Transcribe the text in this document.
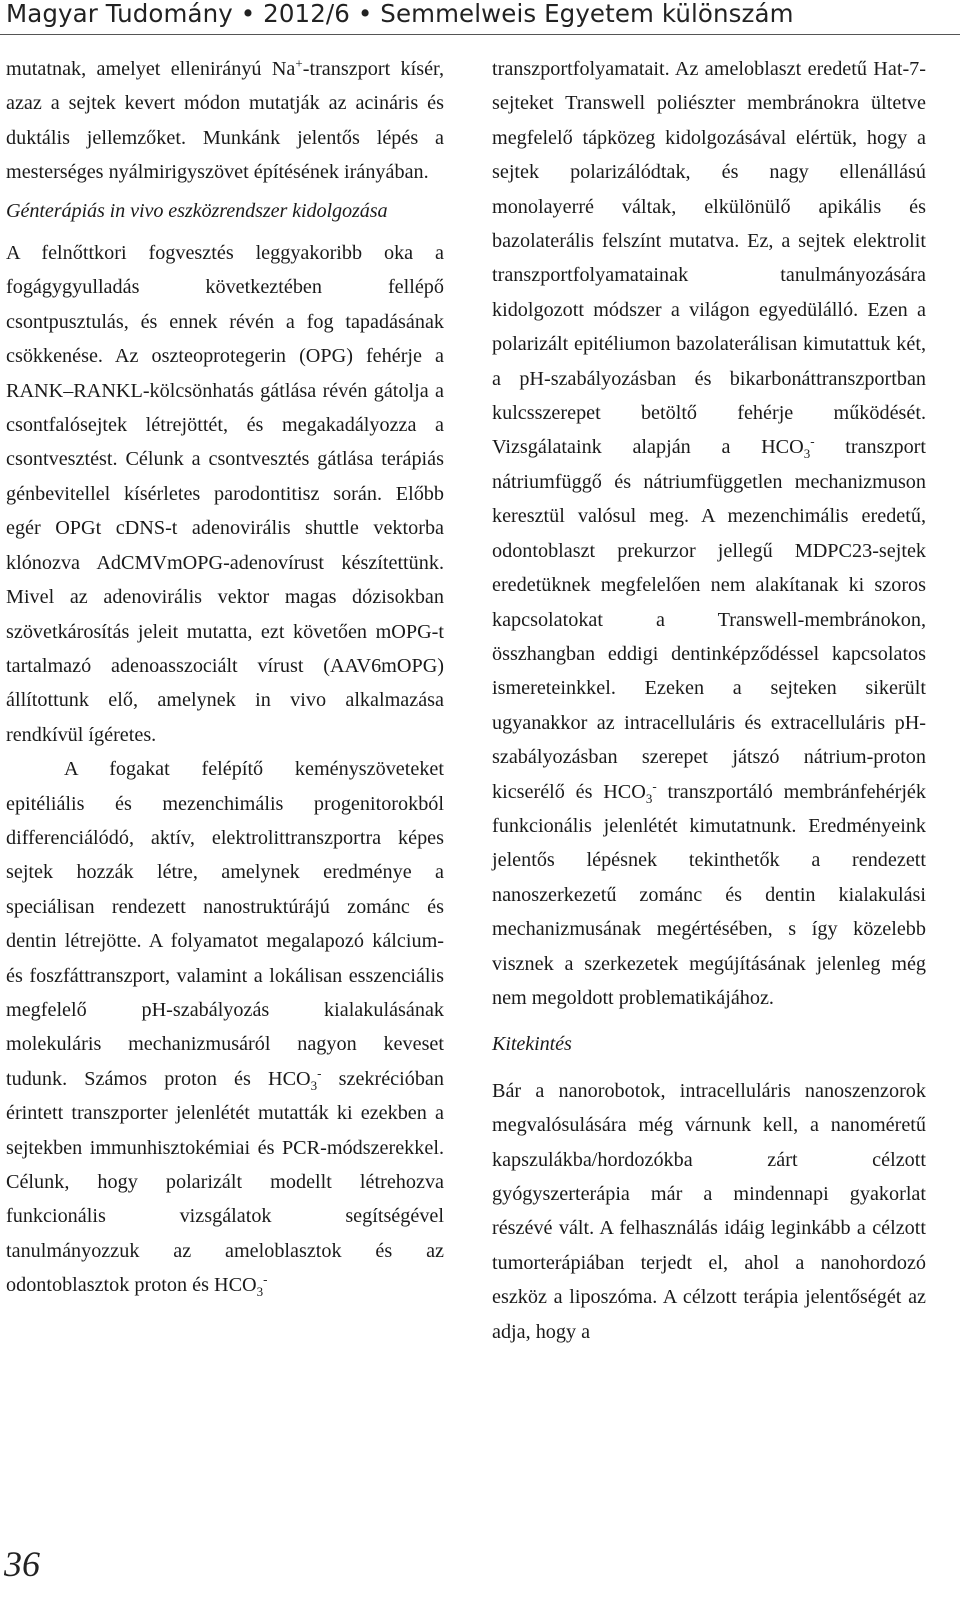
Magyar Tudomány • 2012/6 • Semmelweis Egyetem különszám

mutatnak, amelyet ellenirányú Na+-transzport kísér, azaz a sejtek kevert módon mutatják az acináris és duktális jellemzőket. Munkánk jelentős lépés a mesterséges nyálmirigyszövet építésének irányában.

Génterápiás in vivo eszközrendszer kidolgozása

A felnőttkori fogvesztés leggyakoribb oka a fogágygyulladás következtében fellépő csontpusztulás, és ennek révén a fog tapadásának csökkenése. Az oszteoprotegerin (OPG) fehérje a RANK–RANKL-kölcsönhatás gátlása révén gátolja a csontfalósejtek létrejöttét, és megakadályozza a csontvesztést. Célunk a csontvesztés gátlása terápiás génbevitellel kísérletes parodontitisz során. Előbb egér OPGt cDNS-t adenovirális shuttle vektorba klónozva AdCMVmOPG-adenovírust készítettünk. Mivel az adenovirális vektor magas dózisokban szövetkárosítás jeleit mutatta, ezt követően mOPG-t tartalmazó adenoasszociált vírust (AAV6mOPG) állítottunk elő, amelynek in vivo alkalmazása rendkívül ígéretes.

A fogakat felépítő keményszöveteket epitéliális és mezenchimális progenitorokból differenciálódó, aktív, elektrolittranszportra képes sejtek hozzák létre, amelynek eredménye a speciálisan rendezett nanostruktúrájú zománc és dentin létrejötte. A folyamatot megalapozó kálcium- és foszfáttranszport, valamint a lokálisan esszenciális megfelelő pH-szabályozás kialakulásának molekuláris mechanizmusáról nagyon keveset tudunk. Számos proton és $HCO_3^-$ szekrécióban érintett transzporter jelenlétét mutatták ki ezekben a sejtekben immunhisztokémiai és PCR-módszerekkel. Célunk, hogy polarizált modellt létrehozva funkcionális vizsgálatok segítségével tanulmányozzuk az ameloblasztok és az odontoblasztok proton és $HCO_3^-$

transzportfolyamatait. Az ameloblaszt eredetű Hat-7-sejteket Transwell poliészter membránokra ültetve megfelelő tápközeg kidolgozásával elértük, hogy a sejtek polarizálódtak, és nagy ellenállású monolayerré váltak, elkülönülő apikális és bazolaterális felszínt mutatva. Ez, a sejtek elektrolit transzportfolyamatainak tanulmányozására kidolgozott módszer a világon egyedülálló. Ezen a polarizált epitéliumon bazolaterálisan kimutattuk két, a pH-szabályozásban és bikarbonáttranszportban kulcsszerepet betöltő fehérje működését. Vizsgálataink alapján a $HCO_3^-$ transzport nátriumfüggő és nátriumfüggetlen mechanizmuson keresztül valósul meg. A mezenchimális eredetű, odontoblaszt prekurzor jellegű MDPC23-sejtek eredetüknek megfelelően nem alakítanak ki szoros kapcsolatokat a Transwell-membránokon, összhangban eddigi dentinképződéssel kapcsolatos ismereteinkkel. Ezeken a sejteken sikerült ugyanakkor az intracelluláris és extracelluláris pH-szabályozásban szerepet játszó nátrium-proton kicserélő és $HCO_3^-$ transzportáló membránfehérjék funkcionális jelenlétét kimutatnunk. Eredményeink jelentős lépésnek tekinthetők a rendezett nanoszerkezetű zománc és dentin kialakulási mechanizmusának megértésében, s így közelebb visznek a szerkezetek megújításának jelenleg még nem megoldott problematikájához.

Kitekintés

Bár a nanorobotok, intracelluláris nanoszenzorok megvalósulására még várnunk kell, a nanoméretű kapszulákba/hordozókba zárt célzott gyógyszerterápia már a mindennapi gyakorlat részévé vált. A felhasználás idáig leginkább a célzott tumorterápiában terjedt el, ahol a nanohordozó eszköz a liposzóma. A célzott terápia jelentőségét az adja, hogy a

36
